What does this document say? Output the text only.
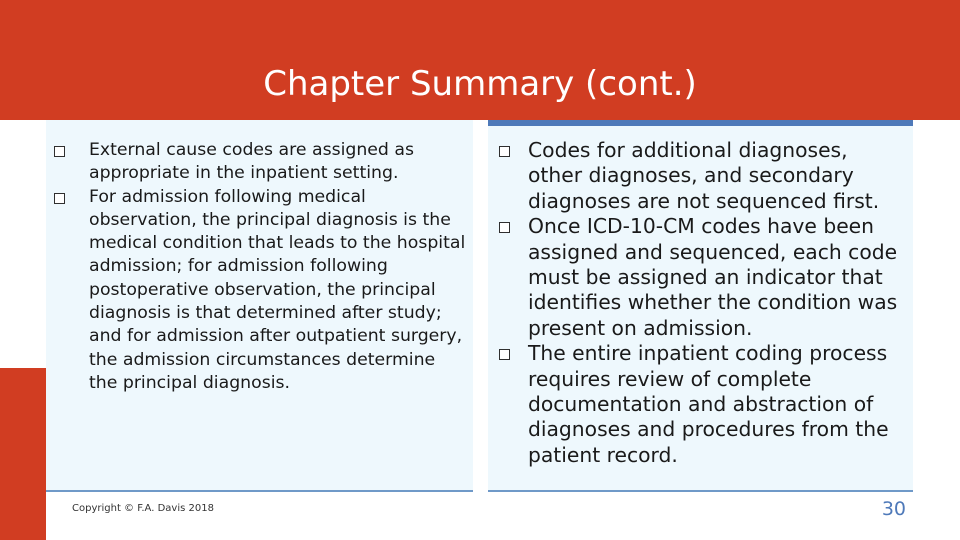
Chapter Summary (cont.)
External cause codes are assigned as appropriate in the inpatient setting.
For admission following medical observation, the principal diagnosis is the medical condition that leads to the hospital admission; for admission following postoperative observation, the principal diagnosis is that determined after study; and for admission after outpatient surgery, the admission circumstances determine the principal diagnosis.
Codes for additional diagnoses, other diagnoses, and secondary diagnoses are not sequenced first.
Once ICD-10-CM codes have been assigned and sequenced, each code must be assigned an indicator that identifies whether the condition was present on admission.
The entire inpatient coding process requires review of complete documentation and abstraction of diagnoses and procedures from the patient record.
Copyright © F.A. Davis 2018	30
